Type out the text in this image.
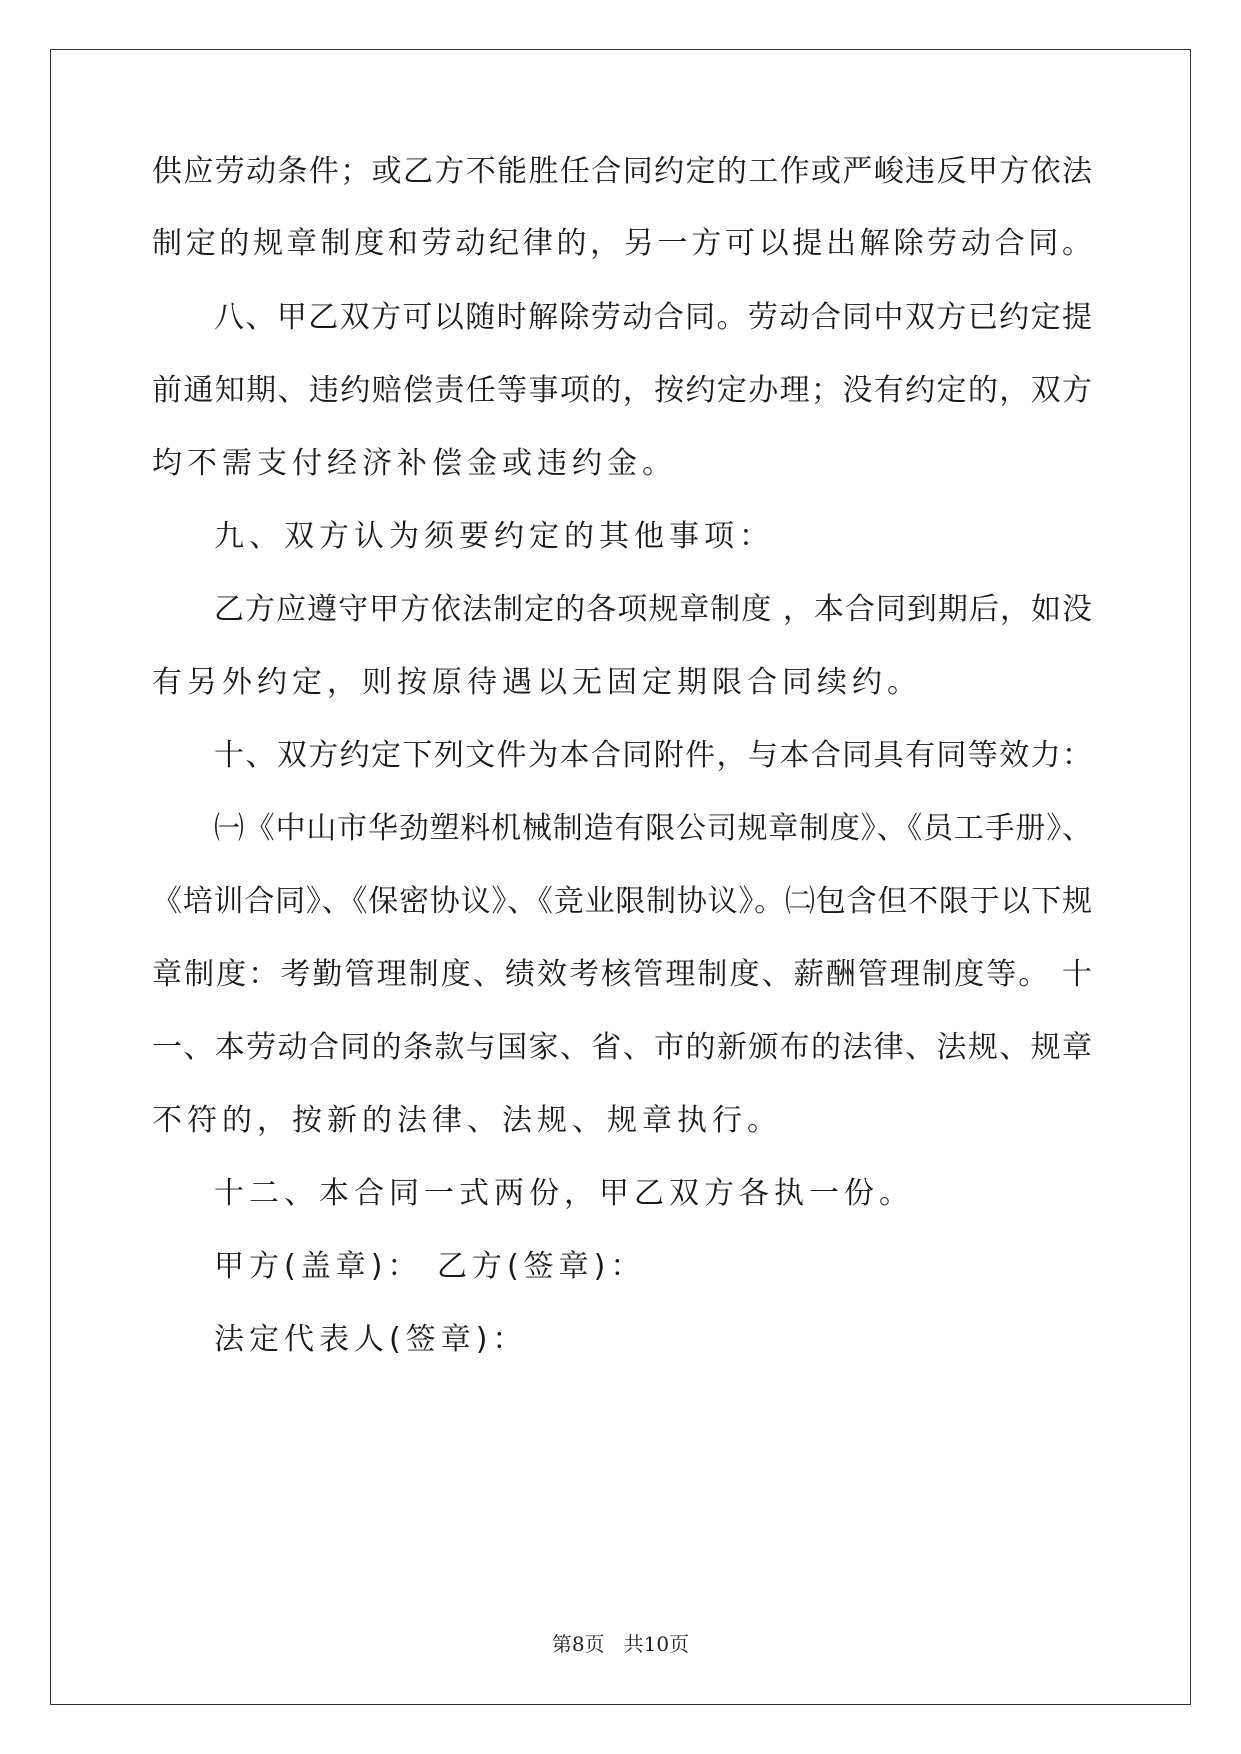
供应劳动条件；或乙方不能胜任合同约定的工作或严峻违反甲方依法
制定的规章制度和劳动纪律的，另一方可以提出解除劳动合同。
八、甲乙双方可以随时解除劳动合同。劳动合同中双方已约定提
前通知期、违约赔偿责任等事项的，按约定办理；没有约定的，双方
均不需支付经济补偿金或违约金。
九、双方认为须要约定的其他事项：
乙方应遵守甲方依法制定的各项规章制度 ，本合同到期后，如没
有另外约定，则按原待遇以无固定期限合同续约。
十、双方约定下列文件为本合同附件，与本合同具有同等效力：
㈠《中山市华劲塑料机械制造有限公司规章制度》、《员工手册》、
《培训合同》、《保密协议》、《竞业限制协议》。㈡包含但不限于以下规
章制度：考勤管理制度、绩效考核管理制度、薪酬管理制度等。 十
一、本劳动合同的条款与国家、省、市的新颁布的法律、法规、规章
不符的，按新的法律、法规、规章执行。
十二、本合同一式两份，甲乙双方各执一份。
甲方(盖章)： 乙方(签章)：
法定代表人(签章)：
第8页   共10页
